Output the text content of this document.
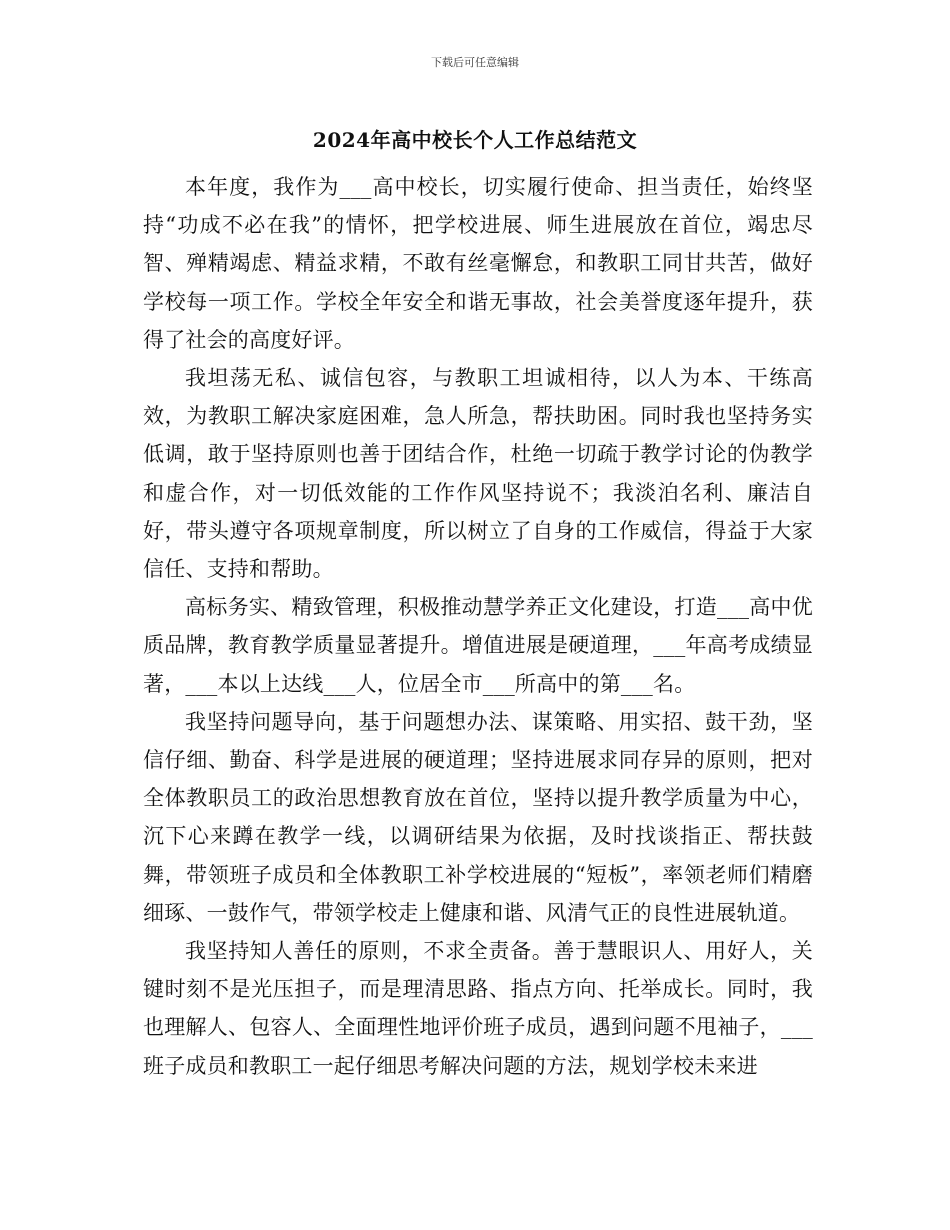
下载后可任意编辑
2024年高中校长个人工作总结范文

本年度，我作为___高中校长，切实履行使命、担当责任，始终坚持“功成不必在我”的情怀，把学校进展、师生进展放在首位，竭忠尽智、殚精竭虑、精益求精，不敢有丝毫懈怠，和教职工同甘共苦，做好学校每一项工作。学校全年安全和谐无事故，社会美誉度逐年提升，获得了社会的高度好评。

我坦荡无私、诚信包容，与教职工坦诚相待，以人为本、干练高效，为教职工解决家庭困难，急人所急，帮扶助困。同时我也坚持务实低调，敢于坚持原则也善于团结合作，杜绝一切疏于教学讨论的伪教学和虚合作，对一切低效能的工作作风坚持说不；我淡泊名利、廉洁自好，带头遵守各项规章制度，所以树立了自身的工作威信，得益于大家信任、支持和帮助。

高标务实、精致管理，积极推动慧学养正文化建设，打造___高中优质品牌，教育教学质量显著提升。增值进展是硬道理，___年高考成绩显著，___本以上达线___人，位居全市___所高中的第___名。

我坚持问题导向，基于问题想办法、谋策略、用实招、鼓干劲，坚信仔细、勤奋、科学是进展的硬道理；坚持进展求同存异的原则，把对全体教职员工的政治思想教育放在首位，坚持以提升教学质量为中心，沉下心来蹲在教学一线，以调研结果为依据，及时找谈指正、帮扶鼓舞，带领班子成员和全体教职工补学校进展的“短板”，率领老师们精磨细琢、一鼓作气，带领学校走上健康和谐、风清气正的良性进展轨道。

我坚持知人善任的原则，不求全责备。善于慧眼识人、用好人，关键时刻不是光压担子，而是理清思路、指点方向、托举成长。同时，我也理解人、包容人、全面理性地评价班子成员，遇到问题不甩袖子，___班子成员和教职工一起仔细思考解决问题的方法，规划学校未来进
